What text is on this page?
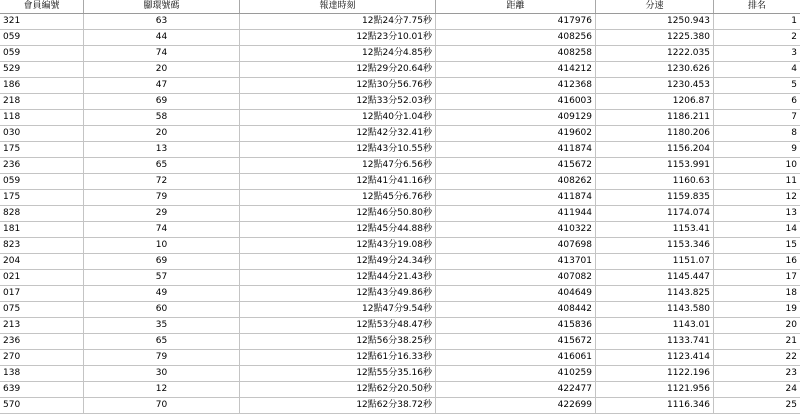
會員編號	腳環號碼	報達時刻	距離	分速	排名
321	63	12點24分7.75秒	417976	1250.943	1
059	44	12點23分10.01秒	408256	1225.380	2
059	74	12點24分4.85秒	408258	1222.035	3
529	20	12點29分20.64秒	414212	1230.626	4
186	47	12點30分56.76秒	412368	1230.453	5
218	69	12點33分52.03秒	416003	1206.87	6
118	58	12點40分1.04秒	409129	1186.211	7
030	20	12點42分32.41秒	419602	1180.206	8
175	13	12點43分10.55秒	411874	1156.204	9
236	65	12點47分6.56秒	415672	1153.991	10
059	72	12點41分41.16秒	408262	1160.63	11
175	79	12點45分6.76秒	411874	1159.835	12
828	29	12點46分50.80秒	411944	1174.074	13
181	74	12點45分44.88秒	410322	1153.41	14
823	10	12點43分19.08秒	407698	1153.346	15
204	69	12點49分24.34秒	413701	1151.07	16
021	57	12點44分21.43秒	407082	1145.447	17
017	49	12點43分49.86秒	404649	1143.825	18
075	60	12點47分9.54秒	408442	1143.580	19
213	35	12點53分48.47秒	415836	1143.01	20
236	65	12點56分38.25秒	415672	1133.741	21
270	79	12點61分16.33秒	416061	1123.414	22
138	30	12點55分35.16秒	410259	1122.196	23
639	12	12點62分20.50秒	422477	1121.956	24
570	70	12點62分38.72秒	422699	1116.346	25
